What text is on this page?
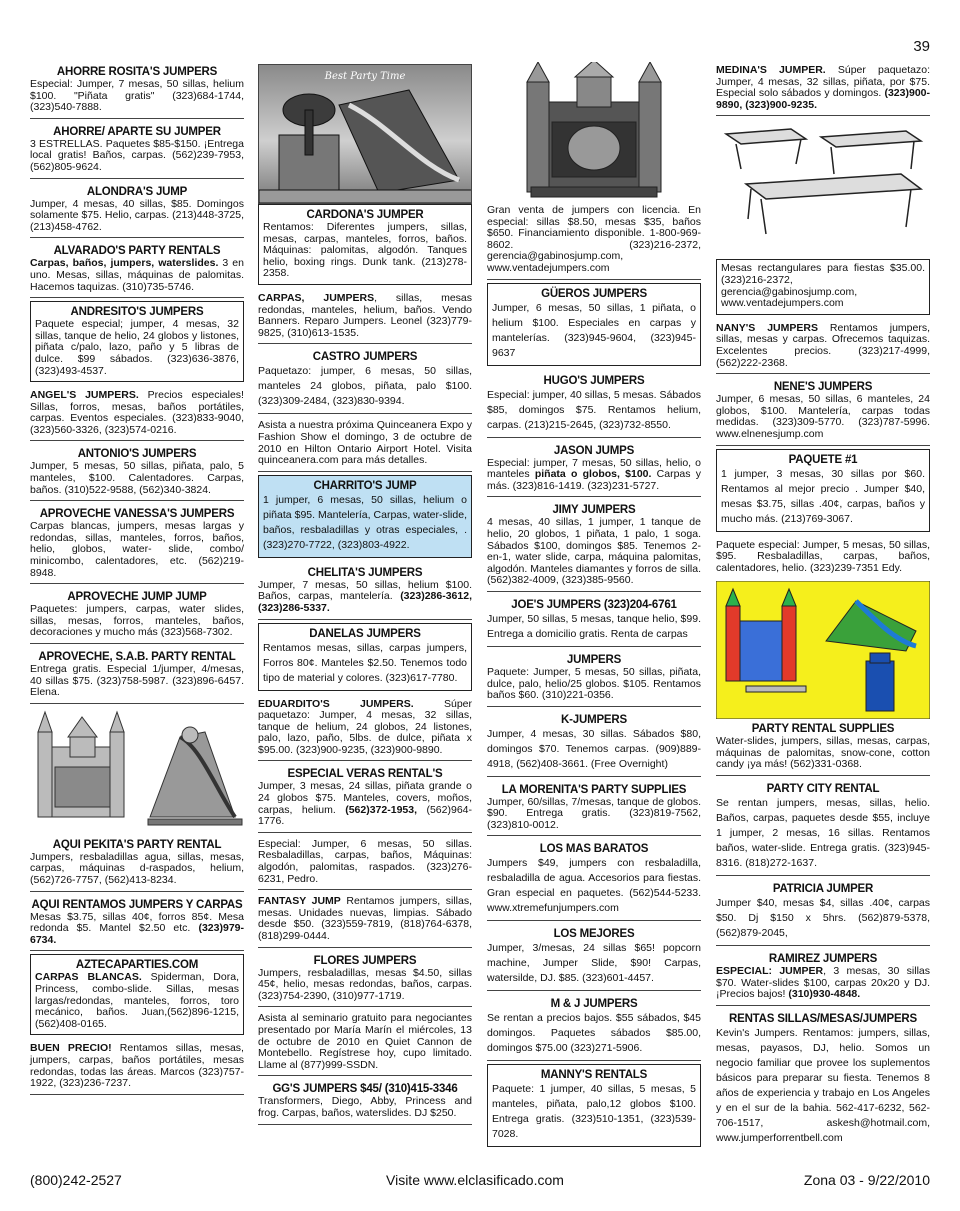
39
AHORRE ROSITA'S JUMPERS

Especial: Jumper, 7 mesas, 50 sillas, helium $100. "Piñata gratis" (323)684-1744, (323)540-7888.

AHORRE/ APARTE SU JUMPER

3 ESTRELLAS. Paquetes $85-$150. ¡Entrega local gratis! Baños, carpas. (562)239-7953, (562)805-9624.

ALONDRA'S JUMP

Jumper, 4 mesas, 40 sillas, $85. Domingos solamente $75. Helio, carpas. (213)448-3725, (213)458-4762.

ALVARADO'S PARTY RENTALS

Carpas, baños, jumpers, waterslides. 3 en uno. Mesas, sillas, máquinas de palomitas. Hacemos taquizas. (310)735-5746.

ANDRESITO'S JUMPERS

Paquete especial; jumper, 4 mesas, 32 sillas, tanque de helio, 24 globos y listones, piñata c/palo, lazo, paño y 5 libras de dulce. $99 sábados. (323)636-3876, (323)493-4537.

ANGEL'S JUMPERS. Precios especiales! Sillas, forros, mesas, baños portátiles, carpas. Eventos especiales. (323)833-9040, (323)560-3326, (323)574-0216.

ANTONIO'S JUMPERS

Jumper, 5 mesas, 50 sillas, piñata, palo, 5 manteles, $100. Calentadores. Carpas, baños. (310)522-9588, (562)340-3824.

APROVECHE VANESSA'S JUMPERS

Carpas blancas, jumpers, mesas largas y redondas, sillas, manteles, forros, baños, helio, globos, water- slide, combo/ minicombo, calentadores, etc. (562)219-8948.

APROVECHE JUMP JUMP

Paquetes: jumpers, carpas, water slides, sillas, mesas, forros, manteles, baños, decoraciones y mucho más (323)568-7302.

APROVECHE, S.A.B. PARTY RENTAL

Entrega gratis. Especial 1/jumper, 4/mesas, 40 sillas $75. (323)758-5987. (323)896-6457. Elena.

AQUI PEKITA'S PARTY RENTAL

Jumpers, resbaladillas agua, sillas, mesas, carpas, máquinas d-raspados, helium, (562)726-7757, (562)413-8234.

AQUI RENTAMOS JUMPERS Y CARPAS

Mesas $3.75, sillas 40¢, forros 85¢. Mesa redonda $5. Mantel $2.50 etc. (323)979-6734.

AZTECAPARTIES.COM

CARPAS BLANCAS. Spiderman, Dora, Princess, combo-slide. Sillas, mesas largas/redondas, manteles, forros, toro mecánico, baños. Juan,(562)896-1215, (562)408-0165.

BUEN PRECIO! Rentamos sillas, mesas, jumpers, carpas, baños portátiles, mesas redondas, todas las áreas. Marcos (323)757-1922, (323)236-7237.

Best Party Time
CARDONA'S JUMPER

Rentamos: Diferentes jumpers, sillas, mesas, carpas, manteles, forros, baños. Máquinas: palomitas, algodón. Tanques helio, boxing rings. Dunk tank. (213)278-2358.

CARPAS, JUMPERS, sillas, mesas redondas, manteles, helium, baños. Vendo Banners. Reparo Jumpers. Leonel (323)779-9825, (310)613-1535.

CASTRO JUMPERS

Paquetazo: jumper, 6 mesas, 50 sillas, manteles 24 globos, piñata, palo $100. (323)309-2484, (323)830-9394.

Asista a nuestra próxima Quinceanera Expo y Fashion Show el domingo, 3 de octubre de 2010 en Hilton Ontario Airport Hotel. Visita quinceanera.com para más detalles.

CHARRITO'S JUMP

1 jumper, 6 mesas, 50 sillas, helium o piñata $95. Mantelería, Carpas, water-slide, baños, resbaladillas y otras especiales, . (323)270-7722, (323)803-4922.

CHELITA'S JUMPERS

Jumper, 7 mesas, 50 sillas, helium $100. Baños, carpas, mantelería. (323)286-3612, (323)286-5337.

DANELAS JUMPERS

Rentamos mesas, sillas, carpas jumpers, Forros 80¢. Manteles $2.50. Tenemos todo tipo de material y colores. (323)617-7780.

EDUARDITO'S JUMPERS. Súper paquetazo: Jumper, 4 mesas, 32 sillas, tanque de helium, 24 globos, 24 listones, palo, lazo, paño, 5lbs. de dulce, piñata x $95.00. (323)900-9235, (323)900-9890.

ESPECIAL VERAS RENTAL'S

Jumper, 3 mesas, 24 sillas, piñata grande o 24 globos $75. Manteles, covers, moños, carpas, helium. (562)372-1953, (562)964-1776.

Especial: Jumper, 6 mesas, 50 sillas. Resbaladillas, carpas, baños, Máquinas: algodón, palomitas, raspados. (323)276-6231, Pedro.

FANTASY JUMP Rentamos jumpers, sillas, mesas. Unidades nuevas, limpias. Sábado desde $50. (323)559-7819, (818)764-6378, (818)299-0444.

FLORES JUMPERS

Jumpers, resbaladillas, mesas $4.50, sillas 45¢, helio, mesas redondas, baños, carpas. (323)754-2390, (310)977-1719.

Asista al seminario gratuito para negociantes presentado por María Marín el miércoles, 13 de octubre de 2010 en Quiet Cannon de Montebello. Regístrese hoy, cupo limitado. Llame al (877)999-SSDN.

GG'S JUMPERS $45/ (310)415-3346

Transformers, Diego, Abby, Princess and frog. Carpas, baños, waterslides. DJ $250.

Gran venta de jumpers con licencia. En especial: sillas $8.50, mesas $35, baños $650. Financiamiento disponible. 1-800-969-8602. (323)216-2372, gerencia@gabinosjump.com, www.ventadejumpers.com

GÜEROS JUMPERS

Jumper, 6 mesas, 50 sillas, 1 piñata, o helium $100. Especiales en carpas y mantelerías. (323)945-9604, (323)945-9637

HUGO'S JUMPERS

Especial: jumper, 40 sillas, 5 mesas. Sábados $85, domingos $75. Rentamos helium, carpas. (213)215-2645, (323)732-8550.

JASON JUMPS

Especial: jumper, 7 mesas, 50 sillas, helio, o manteles piñata o globos, $100. Carpas y más. (323)816-1419. (323)231-5727.

JIMY JUMPERS

4 mesas, 40 sillas, 1 jumper, 1 tanque de helio, 20 globos, 1 piñata, 1 palo, 1 soga. Sábados $100, domingos $85. Tenemos 2-en-1, water slide, carpa, máquina palomitas, algodón. Manteles diamantes y forros de silla. (562)382-4009, (323)385-9560.

JOE'S JUMPERS (323)204-6761

Jumper, 50 sillas, 5 mesas, tanque helio, $99. Entrega a domicilio gratis. Renta de carpas

JUMPERS

Paquete: Jumper, 5 mesas, 50 sillas, piñata, dulce, palo, helio/25 globos. $105. Rentamos baños $60. (310)221-0356.

K-JUMPERS

Jumper, 4 mesas, 30 sillas. Sábados $80, domingos $70. Tenemos carpas. (909)889-4918, (562)408-3661. (Free Overnight)

LA MORENITA'S PARTY SUPPLIES

Jumper, 60/sillas, 7/mesas, tanque de globos. $90. Entrega gratis. (323)819-7562, (323)810-0012.

LOS MAS BARATOS

Jumpers $49, jumpers con resbaladilla, resbaladilla de agua. Accesorios para fiestas. Gran especial en paquetes. (562)544-5233. www.xtremefunjumpers.com

LOS MEJORES

Jumper, 3/mesas, 24 sillas $65! popcorn machine, Jumper Slide, $90! Carpas, watersilde, DJ. $85. (323)601-4457.

M & J JUMPERS

Se rentan a precios bajos. $55 sábados, $45 domingos. Paquetes sábados $85.00, domingos $75.00 (323)271-5906.

MANNY'S RENTALS

Paquete: 1 jumper, 40 sillas, 5 mesas, 5 manteles, piñata, palo,12 globos $100. Entrega gratis. (323)510-1351, (323)539-7028.

MEDINA'S JUMPER. Súper paquetazo: Jumper, 4 mesas, 32 sillas, piñata, por $75. Especial solo sábados y domingos. (323)900-9890, (323)900-9235.

Mesas rectangulares para fiestas $35.00. (323)216-2372, gerencia@gabinosjump.com, www.ventadejumpers.com

NANY'S JUMPERS Rentamos jumpers, sillas, mesas y carpas. Ofrecemos taquizas. Excelentes precios. (323)217-4999, (562)222-2368.

NENE'S JUMPERS

Jumper, 6 mesas, 50 sillas, 6 manteles, 24 globos, $100. Mantelería, carpas todas medidas. (323)309-5770. (323)787-5996. www.elnenesjump.com

PAQUETE #1

1 jumper, 3 mesas, 30 sillas por $60. Rentamos al mejor precio . Jumper $40, mesas $3.75, sillas .40¢, carpas, baños y mucho más. (213)769-3067.

Paquete especial: Jumper, 5 mesas, 50 sillas, $95. Resbaladillas, carpas, baños, calentadores, helio. (323)239-7351 Edy.

PARTY RENTAL SUPPLIES

Water-slides, jumpers, sillas, mesas, carpas, máquinas de palomitas, snow-cone, cotton candy ¡ya más! (562)331-0368.

PARTY CITY RENTAL

Se rentan jumpers, mesas, sillas, helio. Baños, carpas, paquetes desde $55, incluye 1 jumper, 2 mesas, 16 sillas. Rentamos baños, water-slide. Entrega gratis. (323)945-8316. (818)272-1637.

PATRICIA JUMPER

Jumper $40, mesas $4, sillas .40¢, carpas $50. Dj $150 x 5hrs. (562)879-5378, (562)879-2045,

RAMIREZ JUMPERS

ESPECIAL: JUMPER, 3 mesas, 30 sillas $70. Water-slides $100, carpas 20x20 y DJ. ¡Precios bajos! (310)930-4848.

RENTAS SILLAS/MESAS/JUMPERS

Kevin's Jumpers. Rentamos: jumpers, sillas, mesas, payasos, DJ, helio. Somos un negocio familiar que provee los suplementos básicos para preparar su fiesta. Tenemos 8 años de experiencia y trabajo en Los Angeles y en el sur de la bahia. 562-417-6232, 562-706-1517, askesh@hotmail.com, www.jumperforrentbell.com

(800)242-2527	Visite www.elclasificado.com	Zona 03 - 9/22/2010
